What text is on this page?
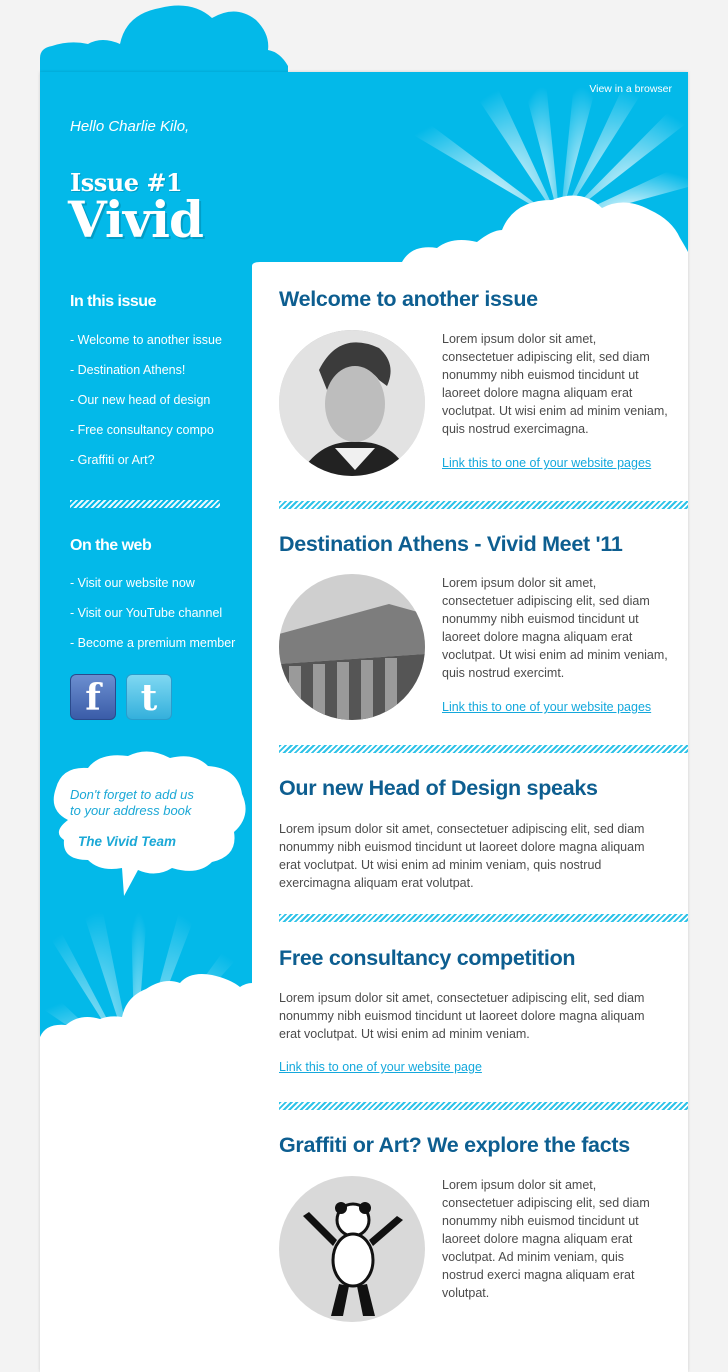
View in a browser
Hello Charlie Kilo,
Issue #1
Vivid
In this issue
- Welcome to another issue
- Destination Athens!
- Our new head of design
- Free consultancy compo
- Graffiti or Art?
On the web
- Visit our website now
- Visit our YouTube channel
- Become a premium member
f	t
Don't forget to add us
to your address book
The Vivid Team
Welcome to another issue

Lorem ipsum dolor sit amet, consectetuer adipiscing elit, sed diam nonummy nibh euismod tincidunt ut laoreet dolore magna aliquam erat voclutpat. Ut wisi enim ad minim veniam, quis nostrud exercimagna.

Link this to one of your website pages
Destination Athens - Vivid Meet '11

Lorem ipsum dolor sit amet, consectetuer adipiscing elit, sed diam nonummy nibh euismod tincidunt ut laoreet dolore magna aliquam erat voclutpat. Ut wisi enim ad minim veniam, quis nostrud exercimt.

Link this to one of your website pages
Our new Head of Design speaks

Lorem ipsum dolor sit amet, consectetuer adipiscing elit, sed diam nonummy nibh euismod tincidunt ut laoreet dolore magna aliquam erat voclutpat. Ut wisi enim ad minim veniam, quis nostrud exercimagna aliquam erat volutpat.

Free consultancy competition

Lorem ipsum dolor sit amet, consectetuer adipiscing elit, sed diam nonummy nibh euismod tincidunt ut laoreet dolore magna aliquam erat voclutpat. Ut wisi enim ad minim veniam.

Link this to one of your website page
Graffiti or Art? We explore the facts

Lorem ipsum dolor sit amet, consectetuer adipiscing elit, sed diam nonummy nibh euismod tincidunt ut laoreet dolore magna aliquam erat voclutpat. Ad minim veniam, quis nostrud exerci magna aliquam erat volutpat.
